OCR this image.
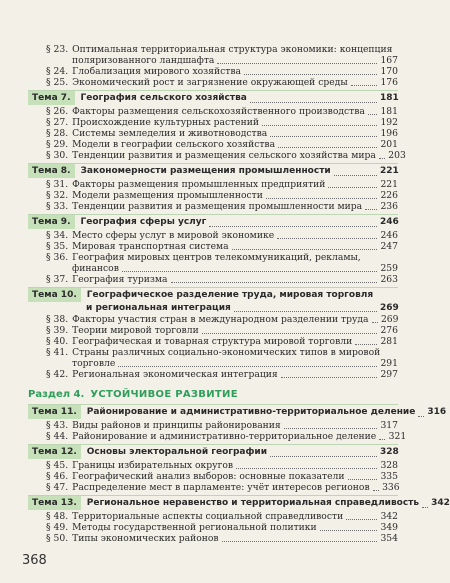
§ 23. Оптимальная территориальная структура экономики: концепция
поляризованного ландшафта	167
§ 24. Глобализация мирового хозяйства	170
§ 25. Экономический рост и загрязнение окружающей среды	176
Тема 7.	География сельского хозяйства	181
§ 26. Факторы размещения сельскохозяйственного производства 181
§ 27. Происхождение культурных растений	192
§ 28. Системы земледелия и животноводства	196
§ 29. Модели в географии сельского хозяйства	201
§ 30. Тенденции развития и размещения сельского хозяйства мира 203
Тема 8.	Закономерности размещения промышленности	221
§ 31. Факторы размещения промышленных предприятий	221
§ 32. Модели размещения промышленности	226
§ 33. Тенденции развития и размещения промышленности мира 236
Тема 9.	География сферы услуг	246
§ 34. Место сферы услуг в мировой экономике	246
§ 35. Мировая транспортная система	247
§ 36. География мировых центров телекоммуникаций, рекламы,
финансов	259
§ 37. География туризма	263
Тема 10.	Географическое разделение труда, мировая торговля
и региональная интеграция	269
§ 38. Факторы участия стран в международном разделении труда 269
§ 39. Теории мировой торговли	276
§ 40. Географическая и товарная структура мировой торговли	281
§ 41. Страны различных социально-экономических типов в мировой
торговле	291
§ 42. Региональная экономическая интеграция	297
Раздел 4. УСТОЙЧИВОЕ РАЗВИТИЕ
Тема 11.	Районирование и административно-территориальное деление 316
§ 43. Виды районов и принципы районирования	317
§ 44. Районирование и административно-территориальное деление 321
Тема 12.	Основы электоральной географии	328
§ 45. Границы избирательных округов	328
§ 46. Географический анализ выборов: основные показатели	335
§ 47. Распределение мест в парламенте: учёт интересов регионов 336
Тема 13.	Региональное неравенство и территориальная справедливость 342
§ 48. Территориальные аспекты социальной справедливости	342
§ 49. Методы государственной региональной политики	349
§ 50. Типы экономических районов	354
368
